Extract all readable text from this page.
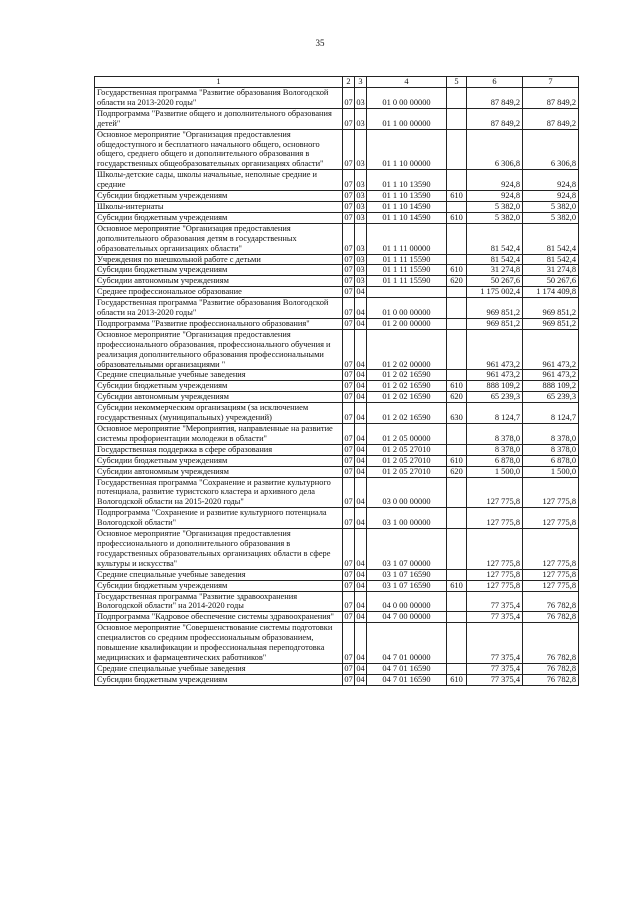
35
1	2	3	4	5	6	7
Государственная программа "Развитие образования Вологодской области на 2013-2020 годы"	07	03	01 0 00 00000		87 849,2	87 849,2
Подпрограмма "Развитие общего и дополнительного образования детей"	07	03	01 1 00 00000		87 849,2	87 849,2
Основное мероприятие "Организация предоставления общедоступного и бесплатного начального общего, основного общего, среднего общего и дополнительного образования в государственных общеобразовательных организациях области"	07	03	01 1 10 00000		6 306,8	6 306,8
Школы-детские сады, школы начальные, неполные средние и средние	07	03	01 1 10 13590		924,8	924,8
Субсидии бюджетным учреждениям	07	03	01 1 10 13590	610	924,8	924,8
Школы-интернаты	07	03	01 1 10 14590		5 382,0	5 382,0
Субсидии бюджетным учреждениям	07	03	01 1 10 14590	610	5 382,0	5 382,0
Основное мероприятие "Организация предоставления дополнительного образования детям в государственных образовательных организациях области"	07	03	01 1 11 00000		81 542,4	81 542,4
Учреждения по внешкольной работе с детьми	07	03	01 1 11 15590		81 542,4	81 542,4
Субсидии бюджетным учреждениям	07	03	01 1 11 15590	610	31 274,8	31 274,8
Субсидии автономным учреждениям	07	03	01 1 11 15590	620	50 267,6	50 267,6
Среднее профессиональное образование	07	04			1 175 002,4	1 174 409,8
Государственная программа "Развитие образования Вологодской области на 2013-2020 годы"	07	04	01 0 00 00000		969 851,2	969 851,2
Подпрограмма "Развитие профессионального образования"	07	04	01 2 00 00000		969 851,2	969 851,2
Основное мероприятие "Организация предоставления профессионального образования, профессионального обучения и реализация дополнительного образования профессиональными образовательными организациями "	07	04	01 2 02 00000		961 473,2	961 473,2
Средние специальные учебные заведения	07	04	01 2 02 16590		961 473,2	961 473,2
Субсидии бюджетным учреждениям	07	04	01 2 02 16590	610	888 109,2	888 109,2
Субсидии автономным учреждениям	07	04	01 2 02 16590	620	65 239,3	65 239,3
Субсидии некоммерческим организациям (за исключением государственных (муниципальных) учреждений)	07	04	01 2 02 16590	630	8 124,7	8 124,7
Основное мероприятие "Мероприятия, направленные на развитие системы профориентации молодежи в области"	07	04	01 2 05 00000		8 378,0	8 378,0
Государственная поддержка в сфере образования	07	04	01 2 05 27010		8 378,0	8 378,0
Субсидии бюджетным учреждениям	07	04	01 2 05 27010	610	6 878,0	6 878,0
Субсидии автономным учреждениям	07	04	01 2 05 27010	620	1 500,0	1 500,0
Государственная программа "Сохранение и развитие культурного потенциала, развитие туристского кластера и архивного дела Вологодской области на 2015-2020 годы"	07	04	03 0 00 00000		127 775,8	127 775,8
Подпрограмма "Сохранение и развитие культурного потенциала Вологодской области"	07	04	03 1 00 00000		127 775,8	127 775,8
Основное мероприятие "Организация предоставления профессионального и дополнительного образования в государственных образовательных организациях области в сфере культуры и искусства"	07	04	03 1 07 00000		127 775,8	127 775,8
Средние специальные учебные заведения	07	04	03 1 07 16590		127 775,8	127 775,8
Субсидии бюджетным учреждениям	07	04	03 1 07 16590	610	127 775,8	127 775,8
Государственная программа "Развитие здравоохранения Вологодской области" на 2014-2020 годы	07	04	04 0 00 00000		77 375,4	76 782,8
Подпрограмма "Кадровое обеспечение системы здравоохранения"	07	04	04 7 00 00000		77 375,4	76 782,8
Основное мероприятие "Совершенствование системы подготовки специалистов со средним профессиональным образованием, повышение квалификации и профессиональная переподготовка медицинских и фармацевтических работников"	07	04	04 7 01 00000		77 375,4	76 782,8
Средние специальные учебные заведения	07	04	04 7 01 16590		77 375,4	76 782,8
Субсидии бюджетным учреждениям	07	04	04 7 01 16590	610	77 375,4	76 782,8
